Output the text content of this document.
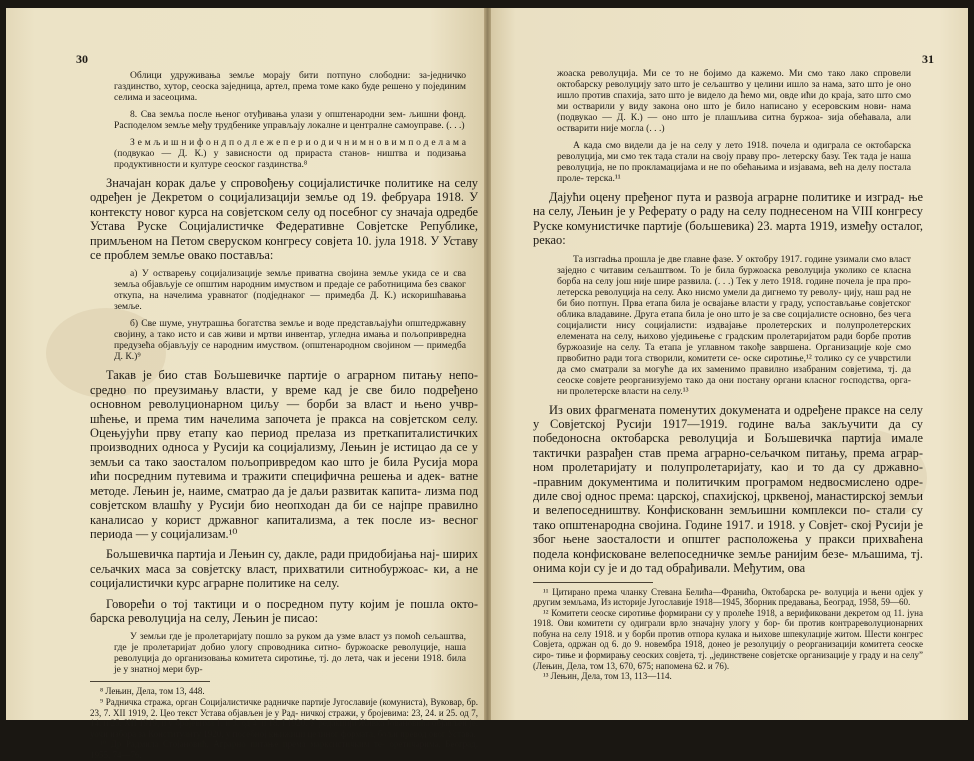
30

Облици удруживања земље морају бити потпуно слободни: за-једничко газдинство, хутор, сеоска заједница, артел, према томе како буде решено у појединим селима и засеоцима.

8. Сва земља после њеног отуђивања улази у општенародни зем- љишни фонд. Расподелом земље међу трудбенике управљају локалне и централне самоуправе. (. . .)

З е м љ и ш н и ф о н д п о д л е ж е п е р и о д и ч н и м н о в и м п о д е л а м а (подвукао — Д. К.) у зависности од прираста станов- ништва и подизања продуктивности и културе сеоског газдинства.⁸

Значајан корак даље у спровођењу социјалистичке политике на селу одређен је Декретом о социјализацији земље од 19. фебруара 1918. У контексту новог курса на совјетском селу од посебног су значаја одредбе Устава Руске Социјалистичке Федеративне Совјетске Републике, примљеном на Петом сверуском конгресу совјета 10. јула 1918. У Уставу се проблем земље овако постављa:

а) У остварењу социјализације земље приватна својина земље укида се и сва земља објављује се општим народним имуством и предаје се работницима без сваког откупа, на начелима уравнатог (подједнаког — примедба Д. К.) искоришћавања земље.

б) Све шуме, унутрашња богатства земље и воде представљајући општедржавну својину, а тако исто и сав живи и мртви инвентар, угледна имања и пољопривредна предузећа објављују се народним имуством. (општенародном својином — примедба Д. К.)⁹

Такав је био став Бољшевичке партије о аграрном питању непо- средно по преузимању власти, у време кад је све било подређено основном револуционарном циљу — борби за власт и њено учвр- шћење, и према тим начелима започета је пракса на совјетском селу. Оцењујући прву етапу као период прелаза из преткапиталистичких производних односа у Русији ка социјализму, Лењин је истицао да се у земљи са тако заосталом пољопривредом као што је била Русија мора ићи посредним путевима и тражити специфична решења и адек- ватне методе. Лењин је, наиме, сматрао да је даљи развитак капита- лизма под совјетском влашћу у Русији био неопходан да би се најпре правилно каналисао у корист државног капитализма, а тек после из- весног периода — у социјализам.¹⁰

Бољшевичка партија и Лењин су, дакле, ради придобијања нај- ширих сељачких маса за совјетску власт, прихватили ситнобуржоас- ки, а не социјалистички курс аграрне политике на селу.

Говорећи о тој тактици и о посредном путу којим је пошла окто- барска револуција на селу, Лењин је писао:

У земљи где је пролетаријату пошло за руком да узме власт уз помоћ сељаштва, где је пролетаријат добио улогу спроводника ситно- буржоаске револуције, наша револуција до организовања комитета сиротиње, тј. до лета, чак и јесени 1918. била је у знатној мери бур-

⁸ Лењин, Дела, том 13, 448.

⁹ Радничка стража, орган Социјалистичке радничке партије Југославије (комуниста), Вуковар, бр. 23, 7. XII 1919, 2. Цео текст Устава објављен је у Рад- ничкој стражи, у бројевима: 23, 24. и 25. од 7, 14. и 25. XII 1919, и у бројевима 1. и 3. од 4. и 18. I 1920. У редакцији Живка Јовановића објављен је, уочи избора за Конституанту 1920, у посебној књижици целиног формата, бољи превод овог Устава.

¹⁰ Др Радмила Стојановић, Аграрно питање према марксистичким те- оретичарима, Београд, 1955, 74—76.

31

жоаска револуција. Ми се то не бојимо да кажемо. Ми смо тако лако спровели октобарску револуцију зато што је сељаштво у целини ишло за нама, зато што је оно ишло против спахија, зато што је видело да ћемо ми, овде ићи до краја, зато што смо ми остварили у виду закона оно што је било написано у есеровским нови- нама (подвукао — Д. К.) — оно што је плашљива ситна буржоа- зија обећавала, али остварити није могла (. . .)

А када смо видели да је на селу у лето 1918. почела и одиграла се октобарска револуција, ми смо тек тада стали на своју праву про- летерску базу. Тек тада је наша револуција, не по прокламацијама и не по обећањима и изјавама, већ на делу постала проле- терска.¹¹

Дајући оцену пређеног пута и развоја аграрне политике и изград- ње на селу, Лењин је у Реферату о раду на селу поднесеном на VIII конгресу Руске комунистичке партије (бољшевика) 23. марта 1919, између осталог, рекао:

Та изгradња прошла је две главне фазе. У октобру 1917. године узимали смо власт заједно с читавим сељаштвом. То је била буржоаска револуција уколико се класна борба на селу још није шире развила. (. . .) Тек у лето 1918. године почела је пра про- летерска револуција на селу. Ако нисмо умели да дигнемо ту револу- цију, наш рад не би био потпун. Прва етапа била је освајање власти у граду, успостављање совјетског облика владавине. Друга етапа била је оно што је за све социјалисте основно, без чега социјалисти нису социјалисти: издвајање пролетерских и полупролетерских елемената на селу, њихово уједињење с градским пролетаријатом ради борбе против буржоазије на селу. Та етапа је углавном такође завршена. Организације које смо првобитно ради тога створили, комитети се- оске сиротиње,¹² толико су се учврстили да смо сматрали за могуће да их заменимо правилно изабраним совјетима, тј. да сеоске совјете реорганизујемо тако да они постану органи класног господства, орга- ни пролетерске власти на селу.¹³

Из ових фрагмената поменутих докумената и одређене праксе на селу у Совјетској Русији 1917—1919. године ваља закључити да су победоносна октобарска револуција и Бољшевичка партија имале тактички разрађен став према аграрно-сељачком питању, према аграр- ном пролетаријату и полупролетаријату, као и то да су државно- -правним документима и политичким програмом недвосмислено одре- диле свој однос према: царској, спахијској, црквеној, манастирској земљи и велепоседништву. Конфискованн земљишни комплекси по- стали су тако општенародна својина. Године 1917. и 1918. у Совјет- ској Русији је због њене заосталости и општег расположења у пракси прихваћена подела конфисковане велепоседничке земље ранијим безе- мљашима, тј. онима који су је и до тад обрађивали. Међутим, ова

¹¹ Цитирано према чланку Стевана Белића—Франића, Октобарска ре- волуција и њени одјек у другим земљама, Из историје Југославије 1918—1945, Зборник предавања, Београд, 1958, 59—60.

¹² Комитети сеоске сиротиње формирани су у пролеће 1918, а верификовани декретом од 11. јуна 1918. Ови комитети су одиграли врло значајну улогу у бор- би против контрареволуционарних побуна на селу 1918. и у борби против отпора кулака и њихове шпекулације житом. Шести конгрес Совјета, одржан од 6. до 9. новембра 1918, донео је резолуцију о реорганизацији комитета сеоске сиро- тиње и формирању сеоских совјета, тј. „јединствене совјетске организације у граду и на селу” (Лењин, Дела, том 13, 670, 675; напомена 62. и 76).

¹³ Лењин, Дела, том 13, 113—114.
